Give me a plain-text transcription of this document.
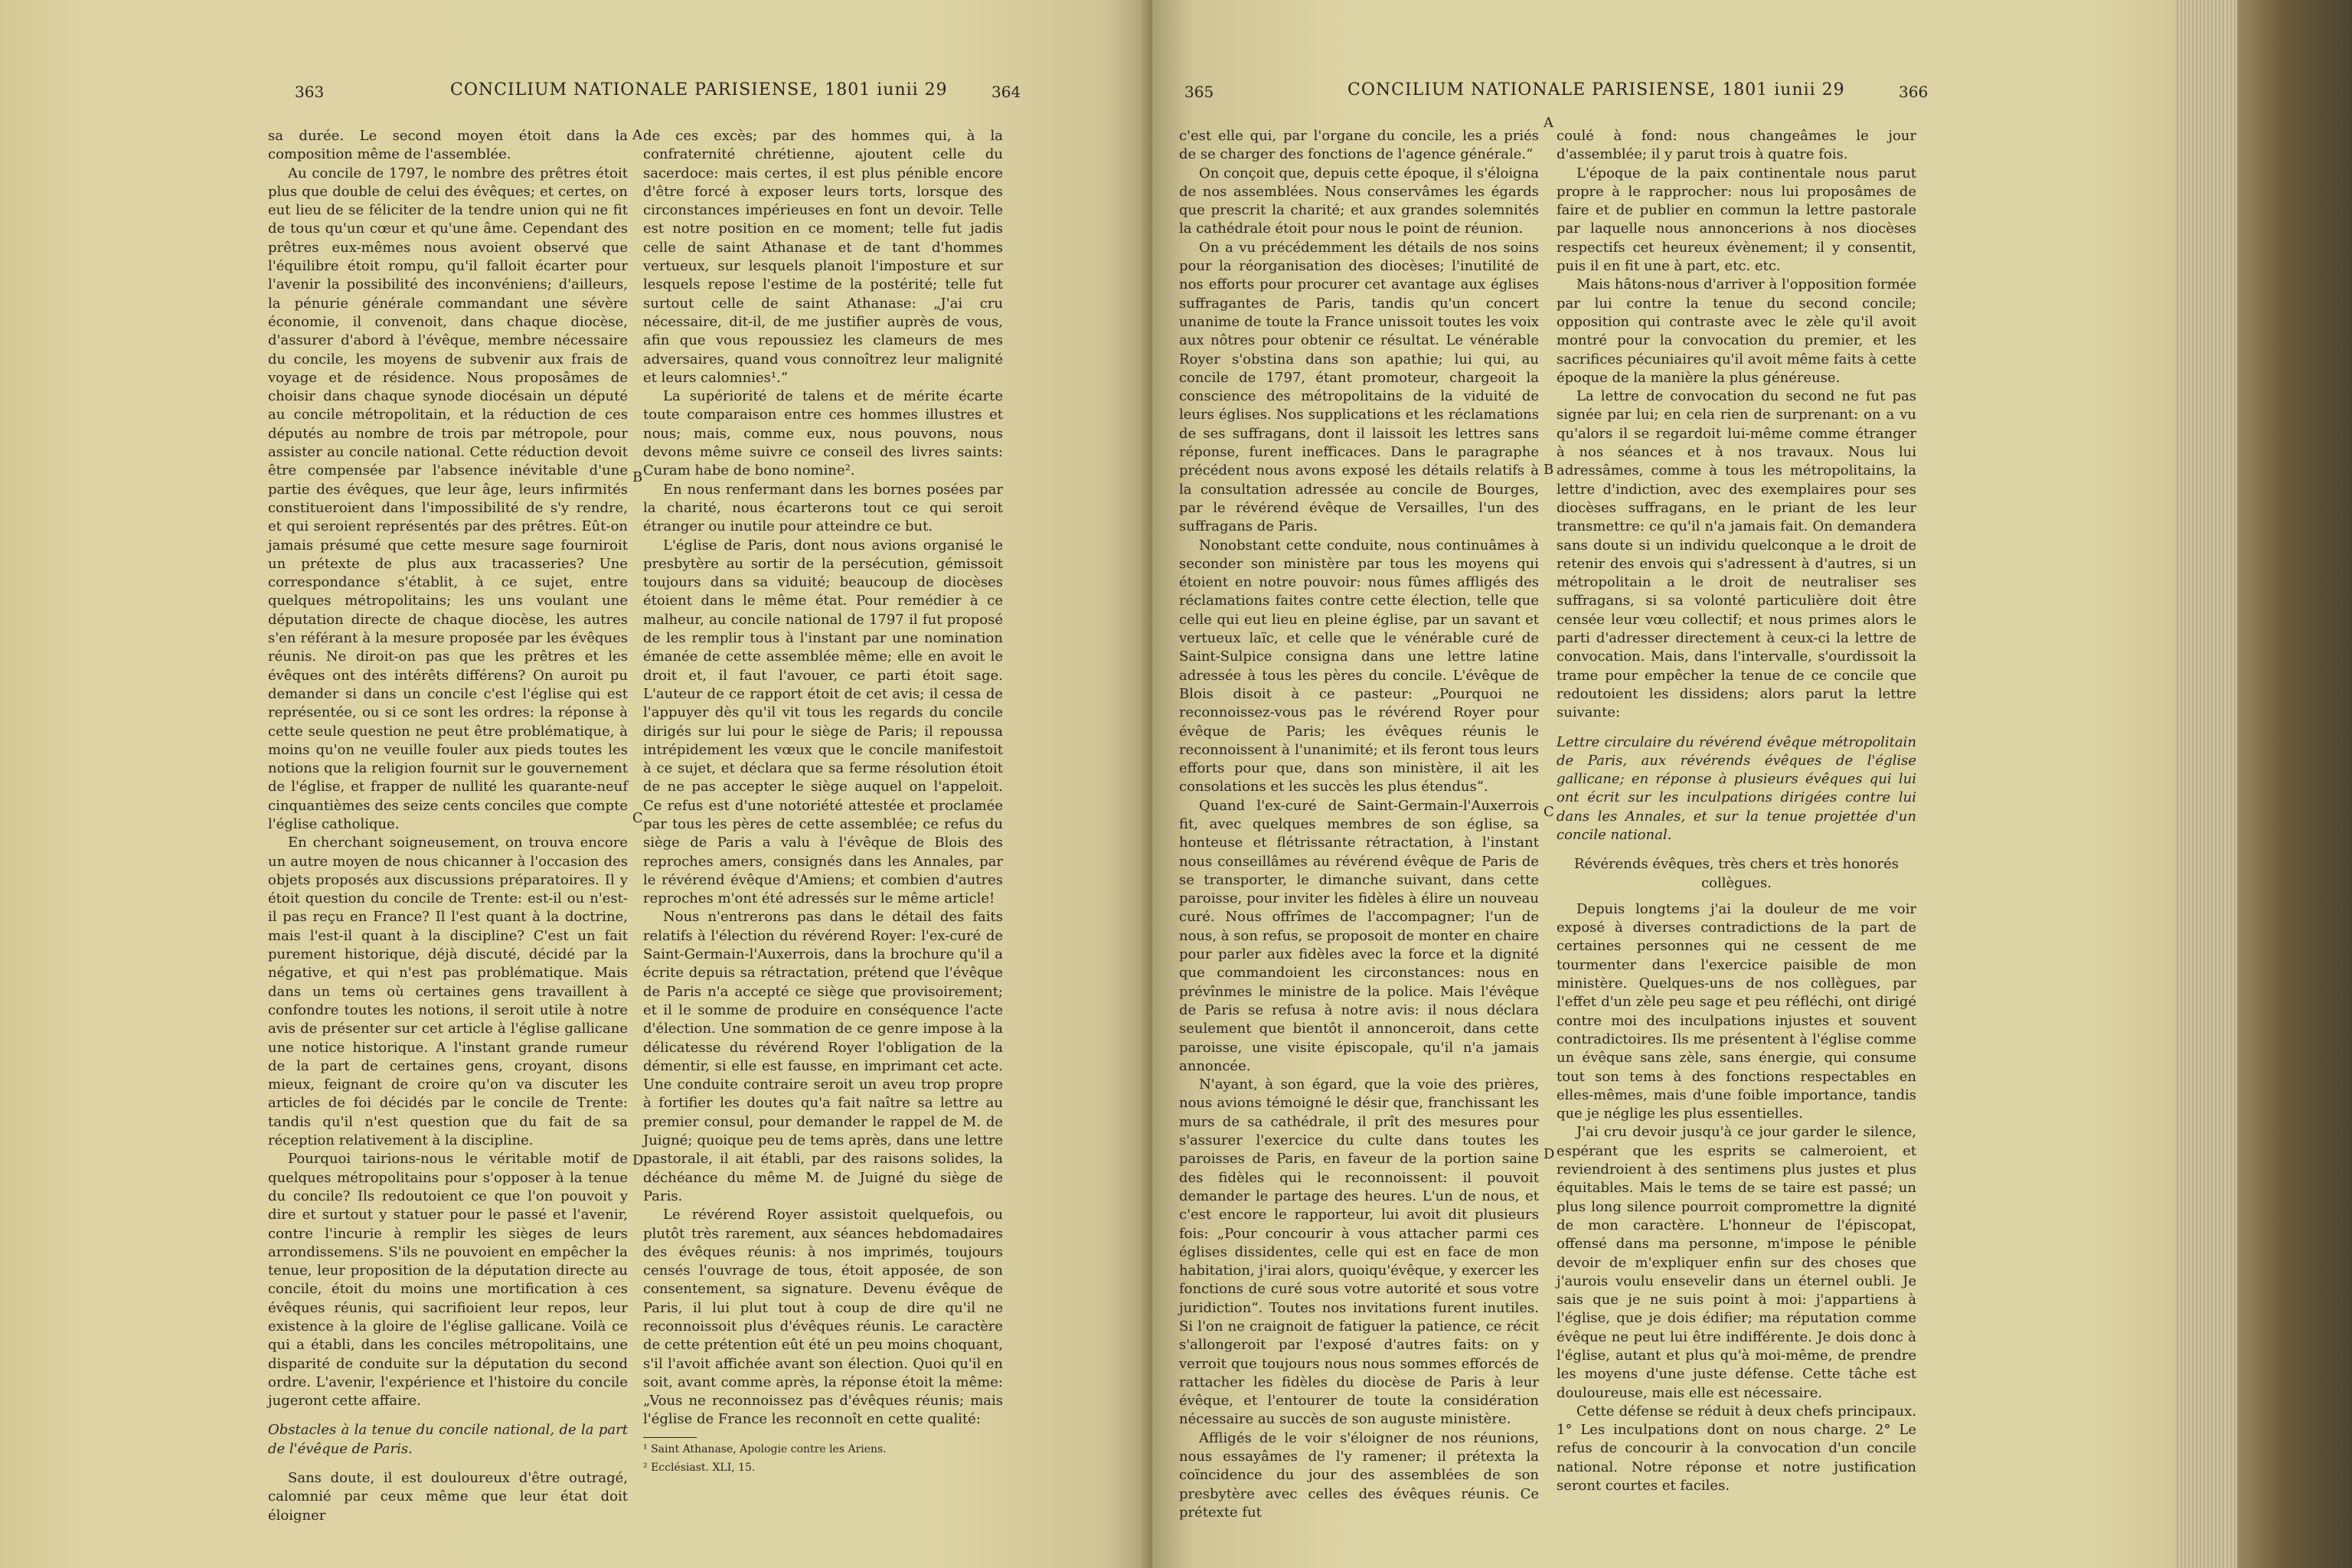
363	CONCILIUM NATIONALE PARISIENSE, 1801 iunii 29	364

sa durée. Le second moyen étoit dans la composition même de l'assemblée.

Au concile de 1797, le nombre des prêtres étoit plus que double de celui des évêques; et certes, on eut lieu de se féliciter de la tendre union qui ne fit de tous qu'un cœur et qu'une âme. Cependant des prêtres eux-mêmes nous avoient observé que l'équilibre étoit rompu, qu'il falloit écarter pour l'avenir la possibilité des inconvéniens; d'ailleurs, la pénurie générale commandant une sévère économie, il convenoit, dans chaque diocèse, d'assurer d'abord à l'évêque, membre nécessaire du concile, les moyens de subvenir aux frais de voyage et de résidence. Nous proposâmes de choisir dans chaque synode diocésain un député au concile métropolitain, et la réduction de ces députés au nombre de trois par métropole, pour assister au concile national. Cette réduction devoit être compensée par l'absence inévitable d'une partie des évêques, que leur âge, leurs infirmités constitueroient dans l'impossibilité de s'y rendre, et qui seroient représentés par des prêtres. Eût-on jamais présumé que cette mesure sage fourniroit un prétexte de plus aux tracasseries? Une correspondance s'établit, à ce sujet, entre quelques métropolitains; les uns voulant une députation directe de chaque diocèse, les autres s'en référant à la mesure proposée par les évêques réunis. Ne diroit-on pas que les prêtres et les évêques ont des intérêts différens? On auroit pu demander si dans un concile c'est l'église qui est représentée, ou si ce sont les ordres: la réponse à cette seule question ne peut être problématique, à moins qu'on ne veuille fouler aux pieds toutes les notions que la religion fournit sur le gouvernement de l'église, et frapper de nullité les quarante-neuf cinquantièmes des seize cents conciles que compte l'église catholique.

En cherchant soigneusement, on trouva encore un autre moyen de nous chicanner à l'occasion des objets proposés aux discussions préparatoires. Il y étoit question du concile de Trente: est-il ou n'est-il pas reçu en France? Il l'est quant à la doctrine, mais l'est-il quant à la discipline? C'est un fait purement historique, déjà discuté, décidé par la négative, et qui n'est pas problématique. Mais dans un tems où certaines gens travaillent à confondre toutes les notions, il seroit utile à notre avis de présenter sur cet article à l'église gallicane une notice historique. A l'instant grande rumeur de la part de certaines gens, croyant, disons mieux, feignant de croire qu'on va discuter les articles de foi décidés par le concile de Trente: tandis qu'il n'est question que du fait de sa réception relativement à la discipline.

Pourquoi tairions-nous le véritable motif de quelques métropolitains pour s'opposer à la tenue du concile? Ils redoutoient ce que l'on pouvoit y dire et surtout y statuer pour le passé et l'avenir, contre l'incurie à remplir les sièges de leurs arrondissemens. S'ils ne pouvoient en empêcher la tenue, leur proposition de la députation directe au concile, étoit du moins une mortification à ces évêques réunis, qui sacrifioient leur repos, leur existence à la gloire de l'église gallicane. Voilà ce qui a établi, dans les conciles métropolitains, une disparité de conduite sur la députation du second ordre. L'avenir, l'expérience et l'histoire du concile jugeront cette affaire.

Obstacles à la tenue du concile national, de la part de l'évêque de Paris.

Sans doute, il est douloureux d'être outragé, calomnié par ceux même que leur état doit éloigner

de ces excès; par des hommes qui, à la confraternité chrétienne, ajoutent celle du sacerdoce: mais certes, il est plus pénible encore d'être forcé à exposer leurs torts, lorsque des circonstances impérieuses en font un devoir. Telle est notre position en ce moment; telle fut jadis celle de saint Athanase et de tant d'hommes vertueux, sur lesquels planoit l'imposture et sur lesquels repose l'estime de la postérité; telle fut surtout celle de saint Athanase: „J'ai cru nécessaire, dit-il, de me justifier auprès de vous, afin que vous repoussiez les clameurs de mes adversaires, quand vous connoîtrez leur malignité et leurs calomnies¹.“

La supériorité de talens et de mérite écarte toute comparaison entre ces hommes illustres et nous; mais, comme eux, nous pouvons, nous devons même suivre ce conseil des livres saints: Curam habe de bono nomine².

En nous renfermant dans les bornes posées par la charité, nous écarterons tout ce qui seroit étranger ou inutile pour atteindre ce but.

L'église de Paris, dont nous avions organisé le presbytère au sortir de la persécution, gémissoit toujours dans sa viduité; beaucoup de diocèses étoient dans le même état. Pour remédier à ce malheur, au concile national de 1797 il fut proposé de les remplir tous à l'instant par une nomination émanée de cette assemblée même; elle en avoit le droit et, il faut l'avouer, ce parti étoit sage. L'auteur de ce rapport étoit de cet avis; il cessa de l'appuyer dès qu'il vit tous les regards du concile dirigés sur lui pour le siège de Paris; il repoussa intrépidement les vœux que le concile manifestoit à ce sujet, et déclara que sa ferme résolution étoit de ne pas accepter le siège auquel on l'appeloit. Ce refus est d'une notoriété attestée et proclamée par tous les pères de cette assemblée; ce refus du siège de Paris a valu à l'évêque de Blois des reproches amers, consignés dans les Annales, par le révérend évêque d'Amiens; et combien d'autres reproches m'ont été adressés sur le même article!

Nous n'entrerons pas dans le détail des faits relatifs à l'élection du révérend Royer: l'ex-curé de Saint-Germain-l'Auxerrois, dans la brochure qu'il a écrite depuis sa rétractation, prétend que l'évêque de Paris n'a accepté ce siège que provisoirement; et il le somme de produire en conséquence l'acte d'élection. Une sommation de ce genre impose à la délicatesse du révérend Royer l'obligation de la démentir, si elle est fausse, en imprimant cet acte. Une conduite contraire seroit un aveu trop propre à fortifier les doutes qu'a fait naître sa lettre au premier consul, pour demander le rappel de M. de Juigné; quoique peu de tems après, dans une lettre pastorale, il ait établi, par des raisons solides, la déchéance du même M. de Juigné du siège de Paris.

Le révérend Royer assistoit quelquefois, ou plutôt très rarement, aux séances hebdomadaires des évêques réunis: à nos imprimés, toujours censés l'ouvrage de tous, étoit apposée, de son consentement, sa signature. Devenu évêque de Paris, il lui plut tout à coup de dire qu'il ne reconnoissoit plus d'évêques réunis. Le caractère de cette prétention eût été un peu moins choquant, s'il l'avoit affichée avant son élection. Quoi qu'il en soit, avant comme après, la réponse étoit la même: „Vous ne reconnoissez pas d'évêques réunis; mais l'église de France les reconnoît en cette qualité:

¹ Saint Athanase, Apologie contre les Ariens.

² Ecclésiast. XLI, 15.

A
B
C
D
365	CONCILIUM NATIONALE PARISIENSE, 1801 iunii 29	366

c'est elle qui, par l'organe du concile, les a priés de se charger des fonctions de l'agence générale.“

On conçoit que, depuis cette époque, il s'éloigna de nos assemblées. Nous conservâmes les égards que prescrit la charité; et aux grandes solemnités la cathédrale étoit pour nous le point de réunion.

On a vu précédemment les détails de nos soins pour la réorganisation des diocèses; l'inutilité de nos efforts pour procurer cet avantage aux églises suffragantes de Paris, tandis qu'un concert unanime de toute la France unissoit toutes les voix aux nôtres pour obtenir ce résultat. Le vénérable Royer s'obstina dans son apathie; lui qui, au concile de 1797, étant promoteur, chargeoit la conscience des métropolitains de la viduité de leurs églises. Nos supplications et les réclamations de ses suffragans, dont il laissoit les lettres sans réponse, furent inefficaces. Dans le paragraphe précédent nous avons exposé les détails relatifs à la consultation adressée au concile de Bourges, par le révérend évêque de Versailles, l'un des suffragans de Paris.

Nonobstant cette conduite, nous continuâmes à seconder son ministère par tous les moyens qui étoient en notre pouvoir: nous fûmes affligés des réclamations faites contre cette élection, telle que celle qui eut lieu en pleine église, par un savant et vertueux laïc, et celle que le vénérable curé de Saint-Sulpice consigna dans une lettre latine adressée à tous les pères du concile. L'évêque de Blois disoit à ce pasteur: „Pourquoi ne reconnoissez-vous pas le révérend Royer pour évêque de Paris; les évêques réunis le reconnoissent à l'unanimité; et ils feront tous leurs efforts pour que, dans son ministère, il ait les consolations et les succès les plus étendus“.

Quand l'ex-curé de Saint-Germain-l'Auxerrois fit, avec quelques membres de son église, sa honteuse et flétrissante rétractation, à l'instant nous conseillâmes au révérend évêque de Paris de se transporter, le dimanche suivant, dans cette paroisse, pour inviter les fidèles à élire un nouveau curé. Nous offrîmes de l'accompagner; l'un de nous, à son refus, se proposoit de monter en chaire pour parler aux fidèles avec la force et la dignité que commandoient les circonstances: nous en prévînmes le ministre de la police. Mais l'évêque de Paris se refusa à notre avis: il nous déclara seulement que bientôt il annonceroit, dans cette paroisse, une visite épiscopale, qu'il n'a jamais annoncée.

N'ayant, à son égard, que la voie des prières, nous avions témoigné le désir que, franchissant les murs de sa cathédrale, il prît des mesures pour s'assurer l'exercice du culte dans toutes les paroisses de Paris, en faveur de la portion saine des fidèles qui le reconnoissent: il pouvoit demander le partage des heures. L'un de nous, et c'est encore le rapporteur, lui avoit dit plusieurs fois: „Pour concourir à vous attacher parmi ces églises dissidentes, celle qui est en face de mon habitation, j'irai alors, quoiqu'évêque, y exercer les fonctions de curé sous votre autorité et sous votre juridiction“. Toutes nos invitations furent inutiles. Si l'on ne craignoit de fatiguer la patience, ce récit s'allongeroit par l'exposé d'autres faits: on y verroit que toujours nous nous sommes efforcés de rattacher les fidèles du diocèse de Paris à leur évêque, et l'entourer de toute la considération nécessaire au succès de son auguste ministère.

Affligés de le voir s'éloigner de nos réunions, nous essayâmes de l'y ramener; il prétexta la coïncidence du jour des assemblées de son presbytère avec celles des évêques réunis. Ce prétexte fut

coulé à fond: nous changeâmes le jour d'assemblée; il y parut trois à quatre fois.

L'époque de la paix continentale nous parut propre à le rapprocher: nous lui proposâmes de faire et de publier en commun la lettre pastorale par laquelle nous annoncerions à nos diocèses respectifs cet heureux évènement; il y consentit, puis il en fit une à part, etc. etc.

Mais hâtons-nous d'arriver à l'opposition formée par lui contre la tenue du second concile; opposition qui contraste avec le zèle qu'il avoit montré pour la convocation du premier, et les sacrifices pécuniaires qu'il avoit même faits à cette époque de la manière la plus généreuse.

La lettre de convocation du second ne fut pas signée par lui; en cela rien de surprenant: on a vu qu'alors il se regardoit lui-même comme étranger à nos séances et à nos travaux. Nous lui adressâmes, comme à tous les métropolitains, la lettre d'indiction, avec des exemplaires pour ses diocèses suffragans, en le priant de les leur transmettre: ce qu'il n'a jamais fait. On demandera sans doute si un individu quelconque a le droit de retenir des envois qui s'adressent à d'autres, si un métropolitain a le droit de neutraliser ses suffragans, si sa volonté particulière doit être censée leur vœu collectif; et nous primes alors le parti d'adresser directement à ceux-ci la lettre de convocation. Mais, dans l'intervalle, s'ourdissoit la trame pour empêcher la tenue de ce concile que redoutoient les dissidens; alors parut la lettre suivante:

Lettre circulaire du révérend évêque métropolitain de Paris, aux révérends évêques de l'église gallicane; en réponse à plusieurs évêques qui lui ont écrit sur les inculpations dirigées contre lui dans les Annales, et sur la tenue projettée d'un concile national.

Révérends évêques, très chers et très honorés collègues.

Depuis longtems j'ai la douleur de me voir exposé à diverses contradictions de la part de certaines personnes qui ne cessent de me tourmenter dans l'exercice paisible de mon ministère. Quelques-uns de nos collègues, par l'effet d'un zèle peu sage et peu réfléchi, ont dirigé contre moi des inculpations injustes et souvent contradictoires. Ils me présentent à l'église comme un évêque sans zèle, sans énergie, qui consume tout son tems à des fonctions respectables en elles-mêmes, mais d'une foible importance, tandis que je néglige les plus essentielles.

J'ai cru devoir jusqu'à ce jour garder le silence, espérant que les esprits se calmeroient, et reviendroient à des sentimens plus justes et plus équitables. Mais le tems de se taire est passé; un plus long silence pourroit compromettre la dignité de mon caractère. L'honneur de l'épiscopat, offensé dans ma personne, m'impose le pénible devoir de m'expliquer enfin sur des choses que j'aurois voulu ensevelir dans un éternel oubli. Je sais que je ne suis point à moi: j'appartiens à l'église, que je dois édifier; ma réputation comme évêque ne peut lui être indifférente. Je dois donc à l'église, autant et plus qu'à moi-même, de prendre les moyens d'une juste défense. Cette tâche est douloureuse, mais elle est nécessaire.

Cette défense se réduit à deux chefs principaux. 1° Les inculpations dont on nous charge. 2° Le refus de concourir à la convocation d'un concile national. Notre réponse et notre justification seront courtes et faciles.

A
B
C
D
